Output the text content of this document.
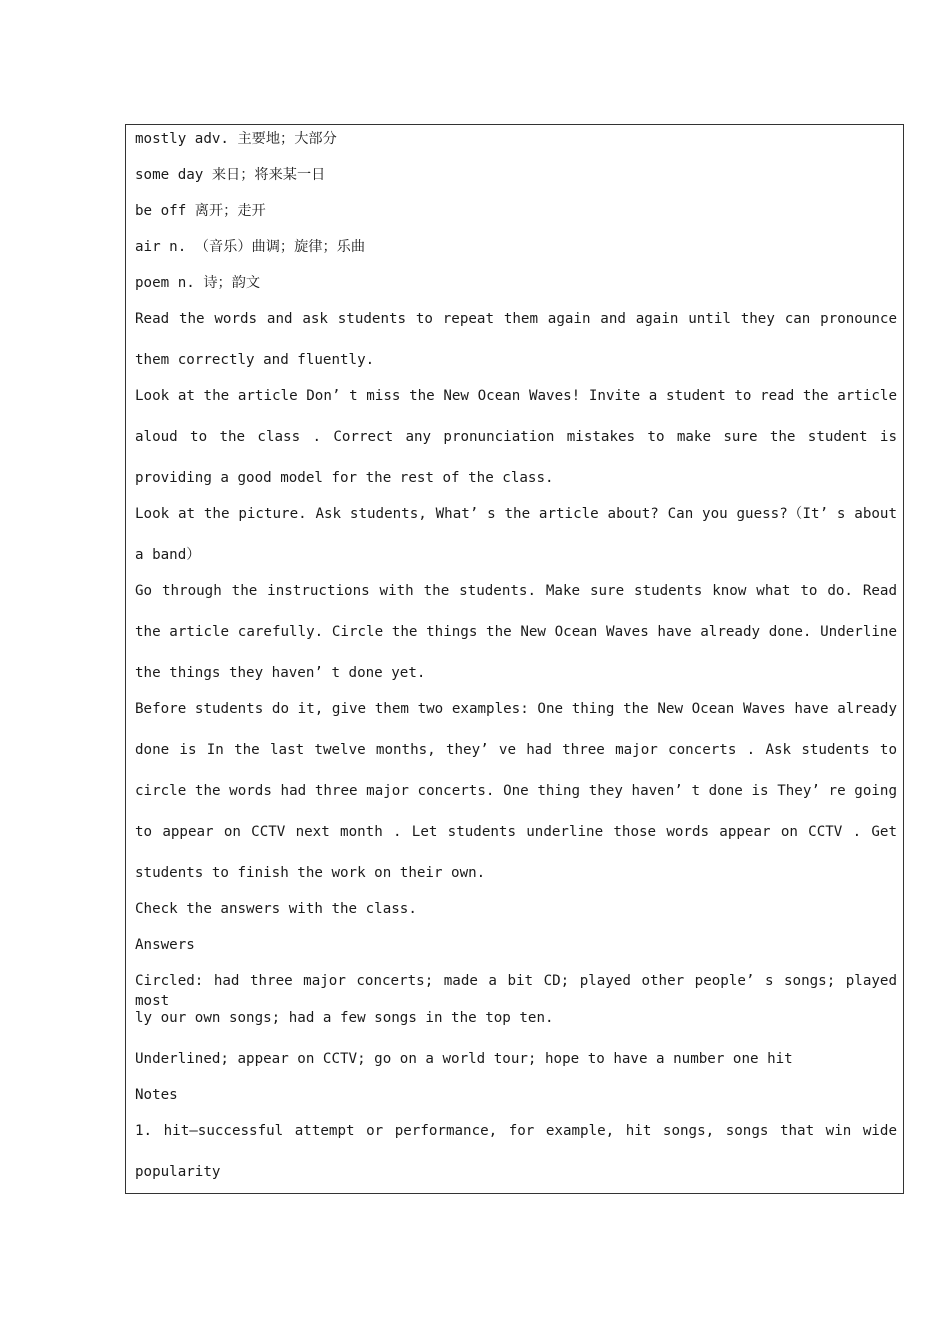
mostly adv. 主要地；大部分
some day 来日；将来某一日
be off 离开；走开
air n. （音乐）曲调；旋律；乐曲
poem n. 诗；韵文
Read the words and ask students to repeat them again and again until they can pronounce
them correctly and fluently.
Look at the article Don’ t miss the New Ocean Waves! Invite a student to read the article
aloud to the class . Correct any pronunciation mistakes to make sure the student is
providing a good model for the rest of the class.
Look at the picture. Ask students, What’ s the article about? Can you guess?（It’ s about
a band）
Go through the instructions with the students. Make sure students know what to do. Read
the article carefully. Circle the things the New Ocean Waves have already done. Underline
the things they haven’ t done yet.
Before students do it, give them two examples: One thing the New Ocean Waves have already
done is In the last twelve months, they’ ve had three major concerts . Ask students to
circle the words had three major concerts. One thing they haven’ t done is They’ re going
to appear on CCTV next month . Let students underline those words appear on CCTV . Get
students to finish the work on their own.
Check the answers with the class.
Answers
Circled: had three major concerts; made a bit CD; played other people’ s songs; played most
ly our own songs; had a few songs in the top ten.
Underlined; appear on CCTV; go on a world tour; hope to have a number one hit
Notes
1. hit—successful attempt or performance, for example, hit songs, songs that win wide
popularity
